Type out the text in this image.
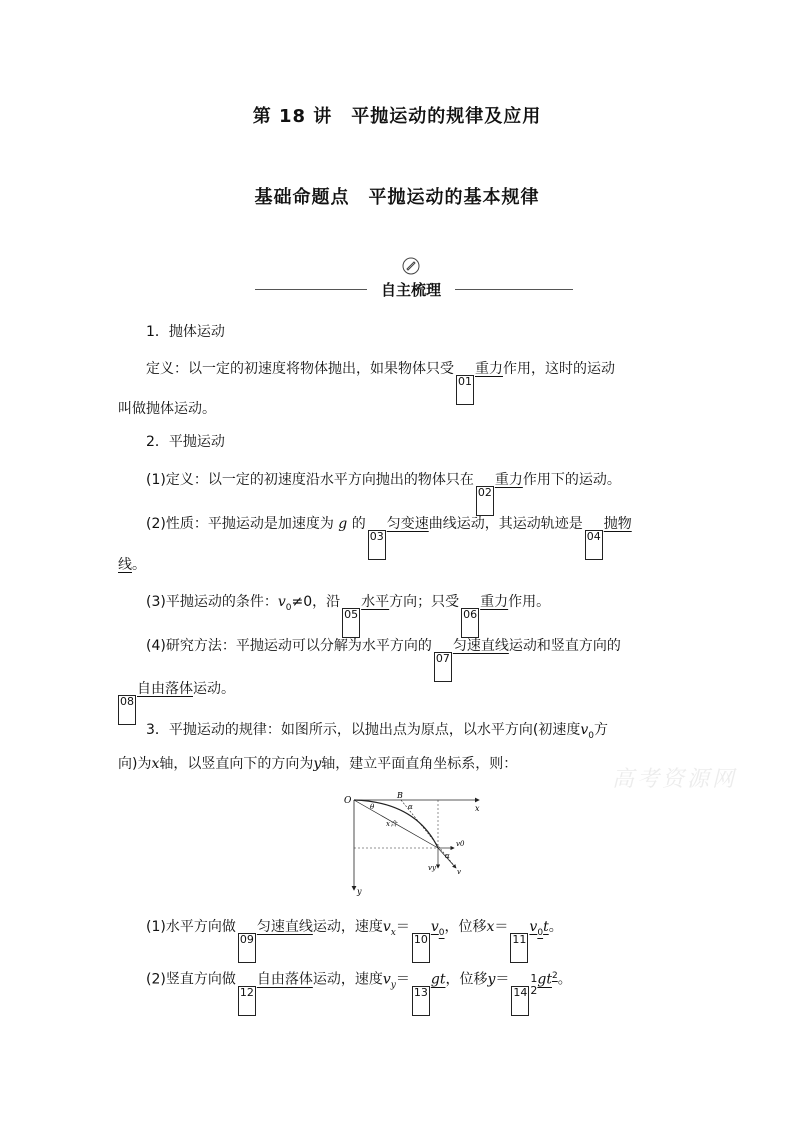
第 18 讲　平抛运动的规律及应用
基础命题点　平抛运动的基本规律
自主梳理
1．抛体运动
定义：以一定的初速度将物体抛出，如果物体只受01重力作用，这时的运动
叫做抛体运动。
2．平抛运动
(1)定义：以一定的初速度沿水平方向抛出的物体只在02重力作用下的运动。
(2)性质：平抛运动是加速度为 g 的03匀变速曲线运动，其运动轨迹是04抛物
线。
(3)平抛运动的条件：$v_0\ne 0$，沿05水平方向；只受06重力作用。
(4)研究方法：平抛运动可以分解为水平方向的07匀速直线运动和竖直方向的
08自由落体运动。
3．平抛运动的规律：如图所示，以抛出点为原点，以水平方向(初速度$v_0$方
向)为x轴，以竖直向下的方向为y轴，建立平面直角坐标系，则：
高考资源网
O
x
y
B
α
θ
x合
v0
vy	v
α
(1)水平方向做09匀速直线运动，速度$v_x=10v_0$，位移$x=11v_0t$。
(2)竖直方向做12自由落体运动，速度$v_y=13gt$，位移y＝14
1
2
$gt^2$。
